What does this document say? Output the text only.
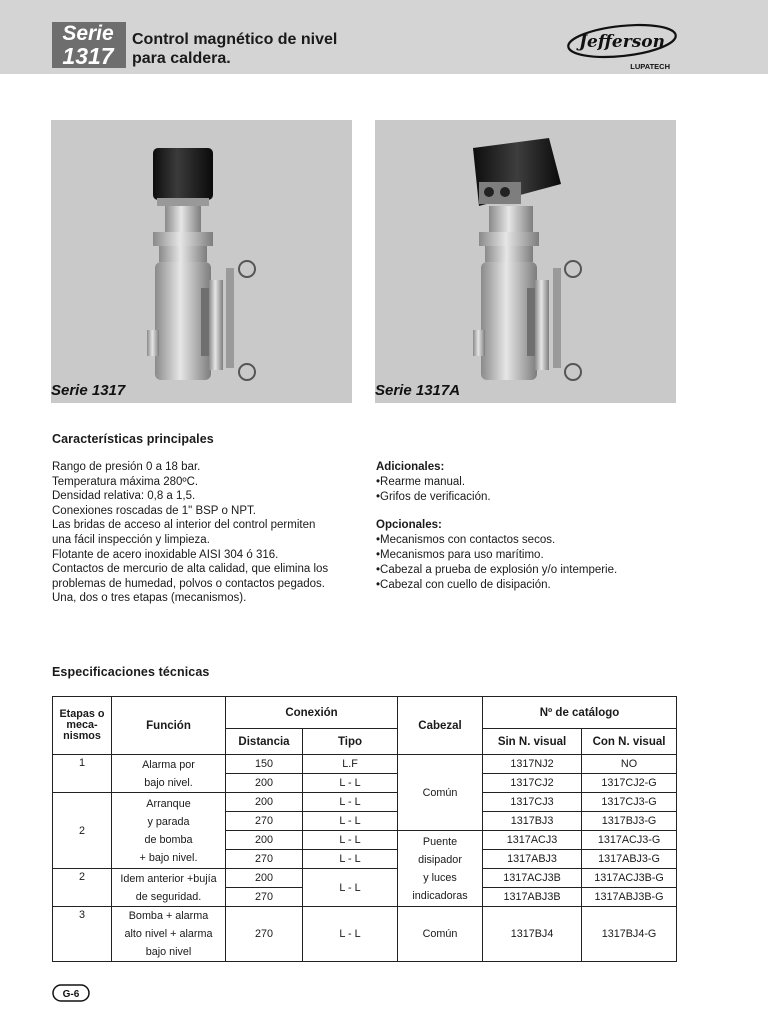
Serie
1317
Control magnético de nivel
para caldera.
Jefferson
LUPATECH
Serie 1317	Serie 1317A
Características principales
Rango de presión 0 a 18 bar.
Temperatura máxima 280ºC.
Densidad relativa: 0,8 a 1,5.
Conexiones roscadas de 1" BSP o NPT.
Las bridas de acceso al interior del control permiten
una fácil inspección y limpieza.
Flotante de acero inoxidable AISI 304 ó 316.
Contactos de mercurio de alta calidad, que elimina los
problemas de humedad, polvos o contactos pegados.
Una, dos o tres etapas (mecanismos).
Adicionales:
• Rearme manual.
• Grifos de verificación.
Opcionales:
• Mecanismos con contactos secos.
• Mecanismos para uso marítimo.
• Cabezal a prueba de explosión y/o intemperie.
• Cabezal con cuello de disipación.
Especificaciones técnicas
Etapas o
meca-
nismos	Función	Conexión		Cabezal	Nº de catálogo	
		Distancia	Tipo		Sin N. visual	Con N. visual
1	Alarma por
bajo nivel.	150	L.F	Común	1317NJ2	NO
		200	L - L		1317CJ2	1317CJ2-G
2	Arranque
y parada
de bomba
+ bajo nivel.	200	L - L		1317CJ3	1317CJ3-G
		270	L - L		1317BJ3	1317BJ3-G
		200	L - L	Puente
disipador
y luces
indicadoras	1317ACJ3	1317ACJ3-G
		270	L - L		1317ABJ3	1317ABJ3-G
2	Idem anterior +bujía
de seguridad.	200	L - L		1317ACJ3B	1317ACJ3B-G
		270			1317ABJ3B	1317ABJ3B-G
3	Bomba + alarma
alto nivel + alarma
bajo nivel	270	L - L	Común	1317BJ4	1317BJ4-G
G-6
